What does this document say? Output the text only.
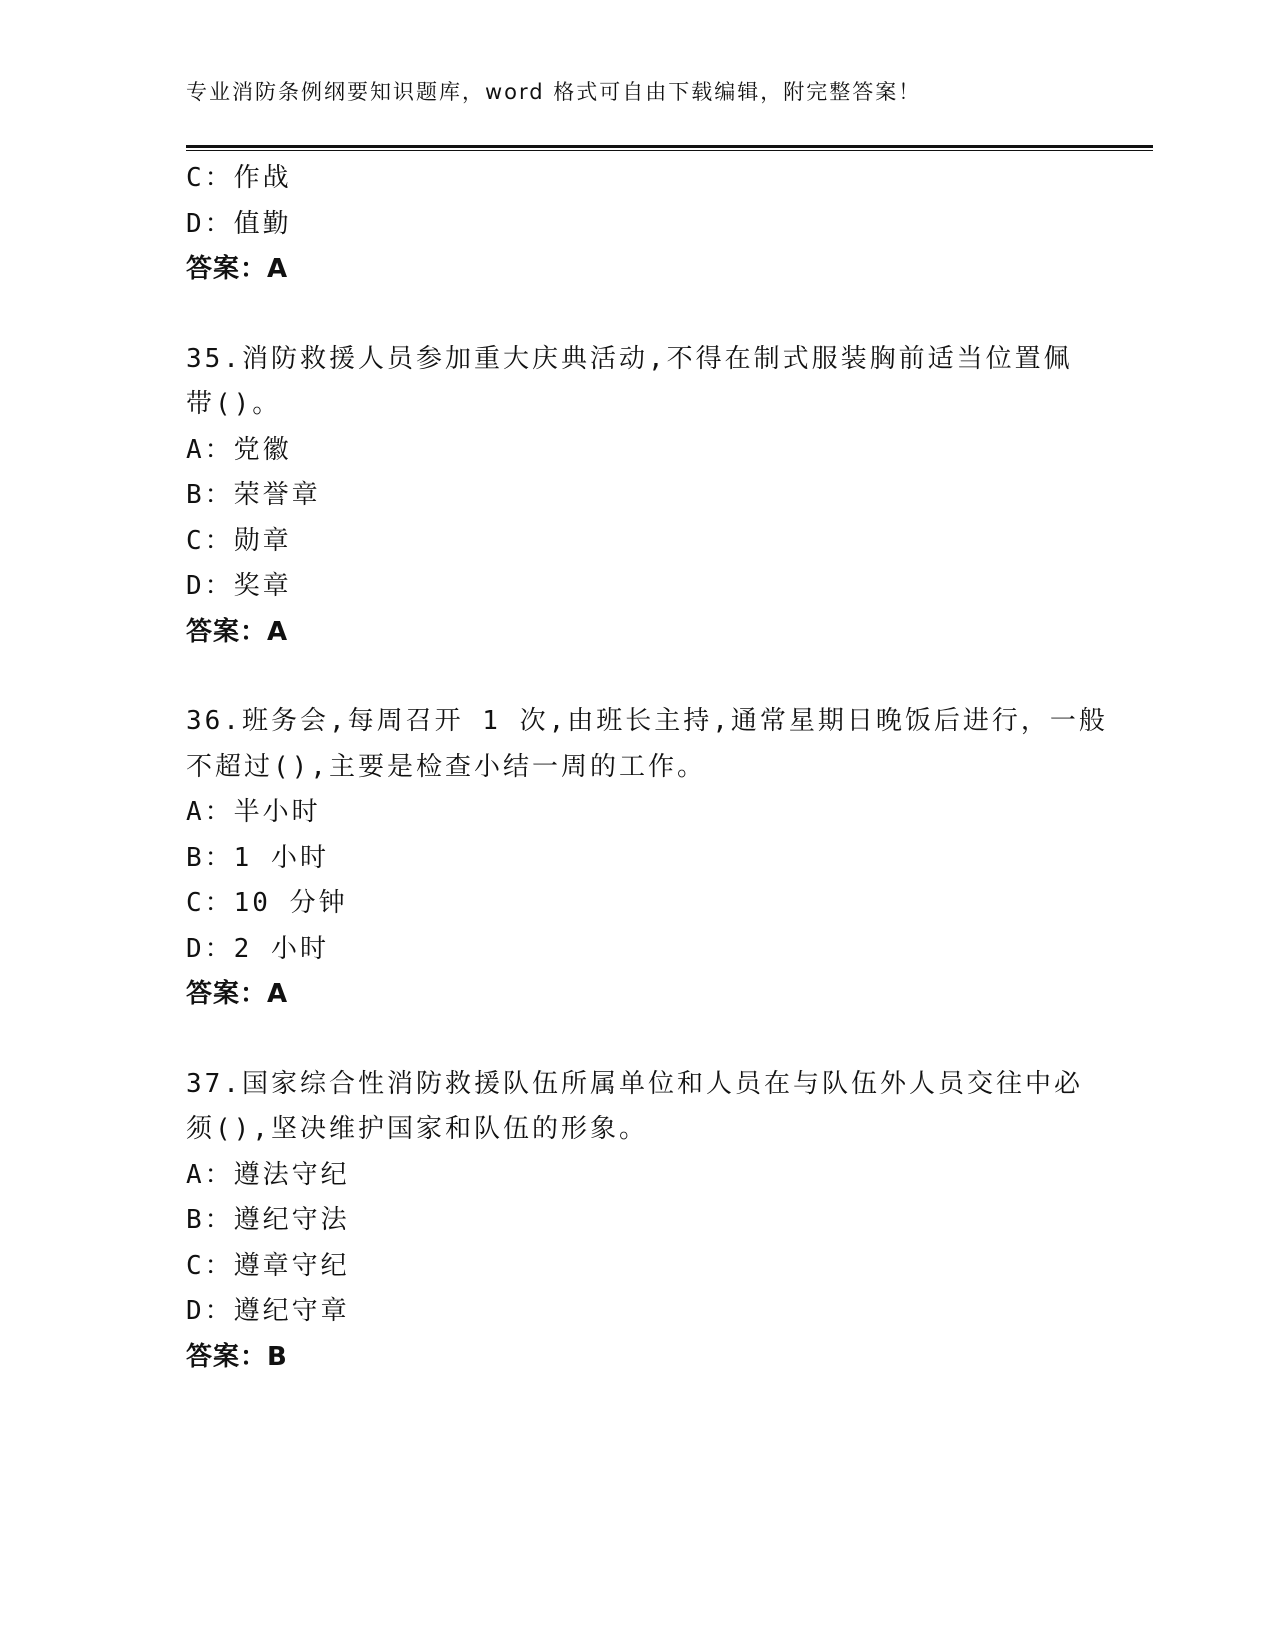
专业消防条例纲要知识题库，word 格式可自由下载编辑，附完整答案！
C：作战
D：值勤
答案：A
35.消防救援人员参加重大庆典活动,不得在制式服装胸前适当位置佩
带()。
A：党徽
B：荣誉章
C：勋章
D：奖章
答案：A
36.班务会,每周召开 1 次,由班长主持,通常星期日晚饭后进行，一般
不超过(),主要是检查小结一周的工作。
A：半小时
B：1 小时
C：10 分钟
D：2 小时
答案：A
37.国家综合性消防救援队伍所属单位和人员在与队伍外人员交往中必
须(),坚决维护国家和队伍的形象。
A：遵法守纪
B：遵纪守法
C：遵章守纪
D：遵纪守章
答案：B
